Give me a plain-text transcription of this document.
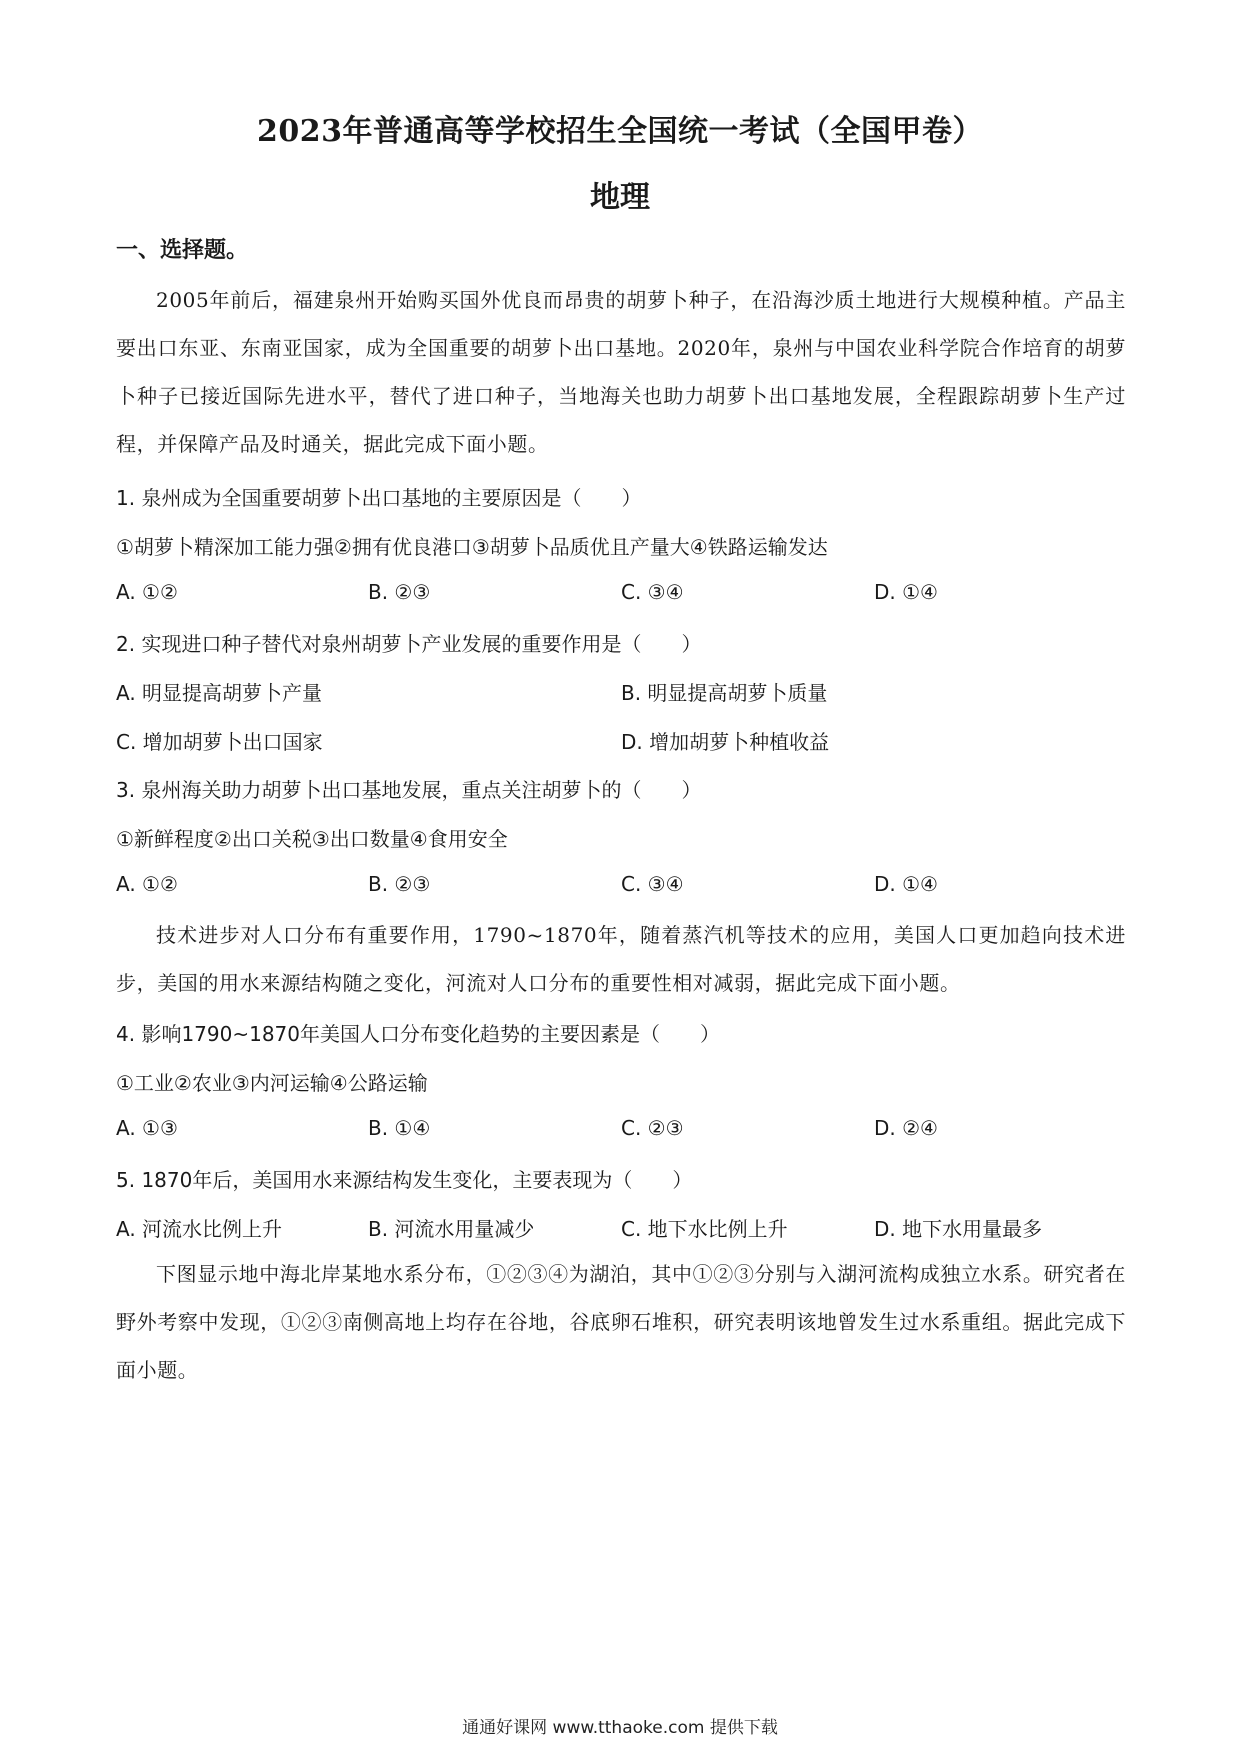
2023年普通高等学校招生全国统一考试（全国甲卷）
地理
一、选择题。
2005年前后，福建泉州开始购买国外优良而昂贵的胡萝卜种子，在沿海沙质土地进行大规模种植。产品主要出口东亚、东南亚国家，成为全国重要的胡萝卜出口基地。2020年，泉州与中国农业科学院合作培育的胡萝卜种子已接近国际先进水平，替代了进口种子，当地海关也助力胡萝卜出口基地发展，全程跟踪胡萝卜生产过程，并保障产品及时通关，据此完成下面小题。
1. 泉州成为全国重要胡萝卜出口基地的主要原因是（　　）
①胡萝卜精深加工能力强②拥有优良港口③胡萝卜品质优且产量大④铁路运输发达
A. ①②	B. ②③	C. ③④	D. ①④
2. 实现进口种子替代对泉州胡萝卜产业发展的重要作用是（　　）
A. 明显提高胡萝卜产量	B. 明显提高胡萝卜质量
C. 增加胡萝卜出口国家	D. 增加胡萝卜种植收益
3. 泉州海关助力胡萝卜出口基地发展，重点关注胡萝卜的（　　）
①新鲜程度②出口关税③出口数量④食用安全
A. ①②	B. ②③	C. ③④	D. ①④
技术进步对人口分布有重要作用，1790~1870年，随着蒸汽机等技术的应用，美国人口更加趋向技术进步，美国的用水来源结构随之变化，河流对人口分布的重要性相对减弱，据此完成下面小题。
4. 影响1790~1870年美国人口分布变化趋势的主要因素是（　　）
①工业②农业③内河运输④公路运输
A. ①③	B. ①④	C. ②③	D. ②④
5. 1870年后，美国用水来源结构发生变化，主要表现为（　　）
A. 河流水比例上升	B. 河流水用量减少	C. 地下水比例上升	D. 地下水用量最多
下图显示地中海北岸某地水系分布，①②③④为湖泊，其中①②③分别与入湖河流构成独立水系。研究者在野外考察中发现，①②③南侧高地上均存在谷地，谷底卵石堆积，研究表明该地曾发生过水系重组。据此完成下面小题。
通通好课网 www.tthaoke.com 提供下载
